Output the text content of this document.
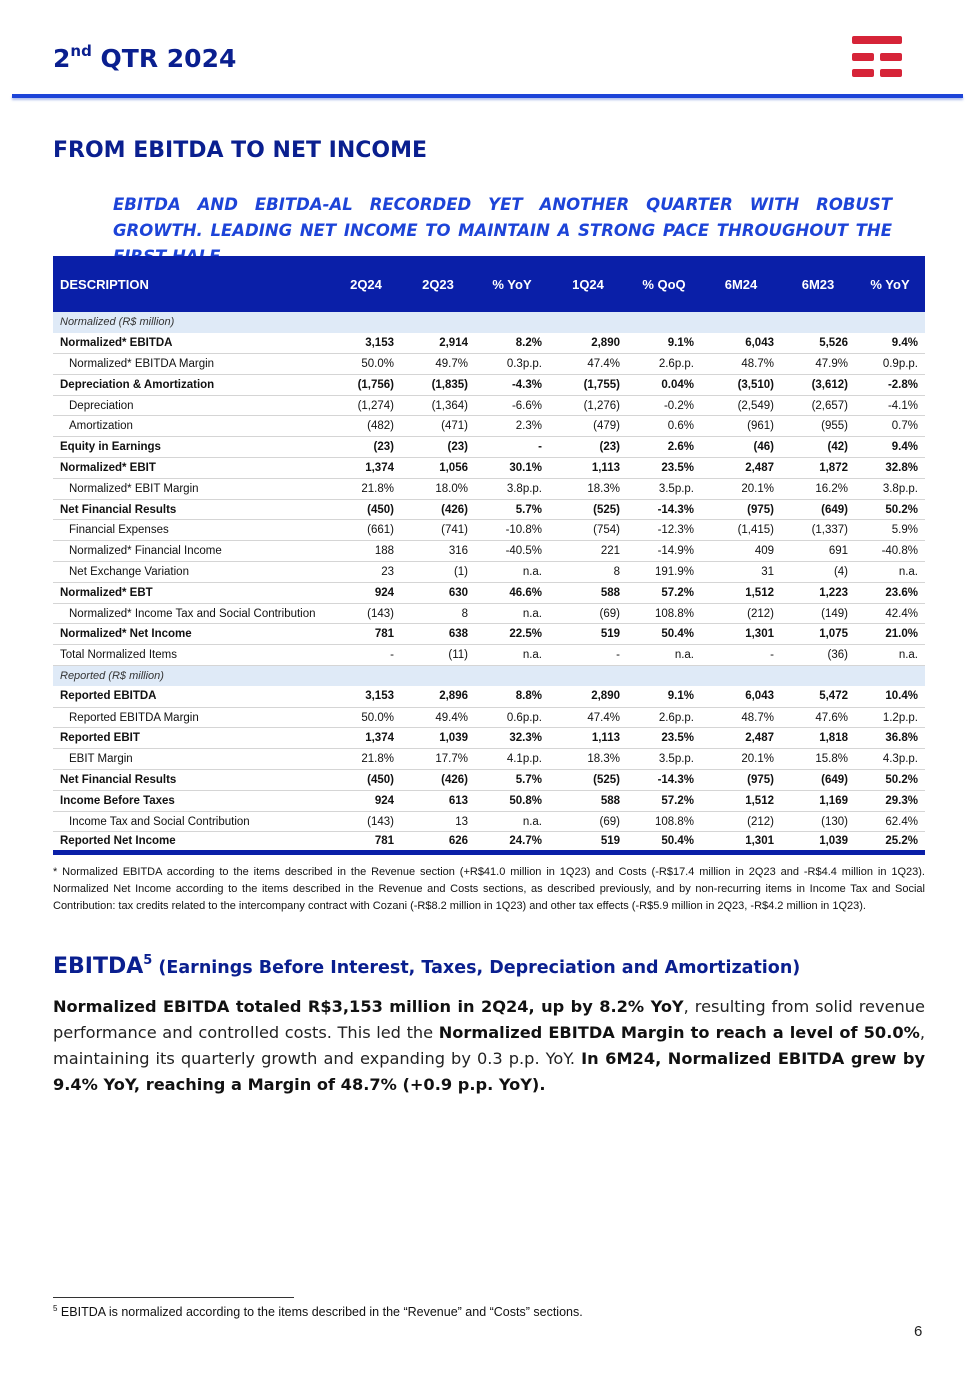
2nd QTR 2024
FROM EBITDA TO NET INCOME
EBITDA AND EBITDA-AL RECORDED YET ANOTHER QUARTER WITH ROBUST GROWTH. LEADING NET INCOME TO MAINTAIN A STRONG PACE THROUGHOUT THE FIRST HALF
DESCRIPTION	2Q24	2Q23	% YoY	1Q24	% QoQ	6M24	6M23	% YoY
Normalized (R$ million)								
Normalized* EBITDA	3,153	2,914	8.2%	2,890	9.1%	6,043	5,526	9.4%
Normalized* EBITDA Margin	50.0%	49.7%	0.3p.p.	47.4%	2.6p.p.	48.7%	47.9%	0.9p.p.
Depreciation & Amortization	(1,756)	(1,835)	-4.3%	(1,755)	0.04%	(3,510)	(3,612)	-2.8%
Depreciation	(1,274)	(1,364)	-6.6%	(1,276)	-0.2%	(2,549)	(2,657)	-4.1%
Amortization	(482)	(471)	2.3%	(479)	0.6%	(961)	(955)	0.7%
Equity in Earnings	(23)	(23)	-	(23)	2.6%	(46)	(42)	9.4%
Normalized* EBIT	1,374	1,056	30.1%	1,113	23.5%	2,487	1,872	32.8%
Normalized* EBIT Margin	21.8%	18.0%	3.8p.p.	18.3%	3.5p.p.	20.1%	16.2%	3.8p.p.
Net Financial Results	(450)	(426)	5.7%	(525)	-14.3%	(975)	(649)	50.2%
Financial Expenses	(661)	(741)	-10.8%	(754)	-12.3%	(1,415)	(1,337)	5.9%
Normalized* Financial Income	188	316	-40.5%	221	-14.9%	409	691	-40.8%
Net Exchange Variation	23	(1)	n.a.	8	191.9%	31	(4)	n.a.
Normalized* EBT	924	630	46.6%	588	57.2%	1,512	1,223	23.6%
Normalized* Income Tax and Social Contribution	(143)	8	n.a.	(69)	108.8%	(212)	(149)	42.4%
Normalized* Net Income	781	638	22.5%	519	50.4%	1,301	1,075	21.0%
Total Normalized Items	-	(11)	n.a.	-	n.a.	-	(36)	n.a.
Reported (R$ million)								
Reported EBITDA	3,153	2,896	8.8%	2,890	9.1%	6,043	5,472	10.4%
Reported EBITDA Margin	50.0%	49.4%	0.6p.p.	47.4%	2.6p.p.	48.7%	47.6%	1.2p.p.
Reported EBIT	1,374	1,039	32.3%	1,113	23.5%	2,487	1,818	36.8%
EBIT Margin	21.8%	17.7%	4.1p.p.	18.3%	3.5p.p.	20.1%	15.8%	4.3p.p.
Net Financial Results	(450)	(426)	5.7%	(525)	-14.3%	(975)	(649)	50.2%
Income Before Taxes	924	613	50.8%	588	57.2%	1,512	1,169	29.3%
Income Tax and Social Contribution	(143)	13	n.a.	(69)	108.8%	(212)	(130)	62.4%
Reported Net Income	781	626	24.7%	519	50.4%	1,301	1,039	25.2%
* Normalized EBITDA according to the items described in the Revenue section (+R$41.0 million in 1Q23) and Costs (-R$17.4 million in 2Q23 and -R$4.4 million in 1Q23). Normalized Net Income according to the items described in the Revenue and Costs sections, as described previously, and by non-recurring items in Income Tax and Social Contribution: tax credits related to the intercompany contract with Cozani (-R$8.2 million in 1Q23) and other tax effects (-R$5.9 million in 2Q23, -R$4.2 million in 1Q23).
EBITDA$^5$ (Earnings Before Interest, Taxes, Depreciation and Amortization)
Normalized EBITDA totaled R$3,153 million in 2Q24, up by 8.2% YoY, resulting from solid revenue performance and controlled costs. This led the Normalized EBITDA Margin to reach a level of 50.0%, maintaining its quarterly growth and expanding by 0.3 p.p. YoY. In 6M24, Normalized EBITDA grew by 9.4% YoY, reaching a Margin of 48.7% (+0.9 p.p. YoY).
$^5$ EBITDA is normalized according to the items described in the “Revenue” and “Costs” sections.
6
